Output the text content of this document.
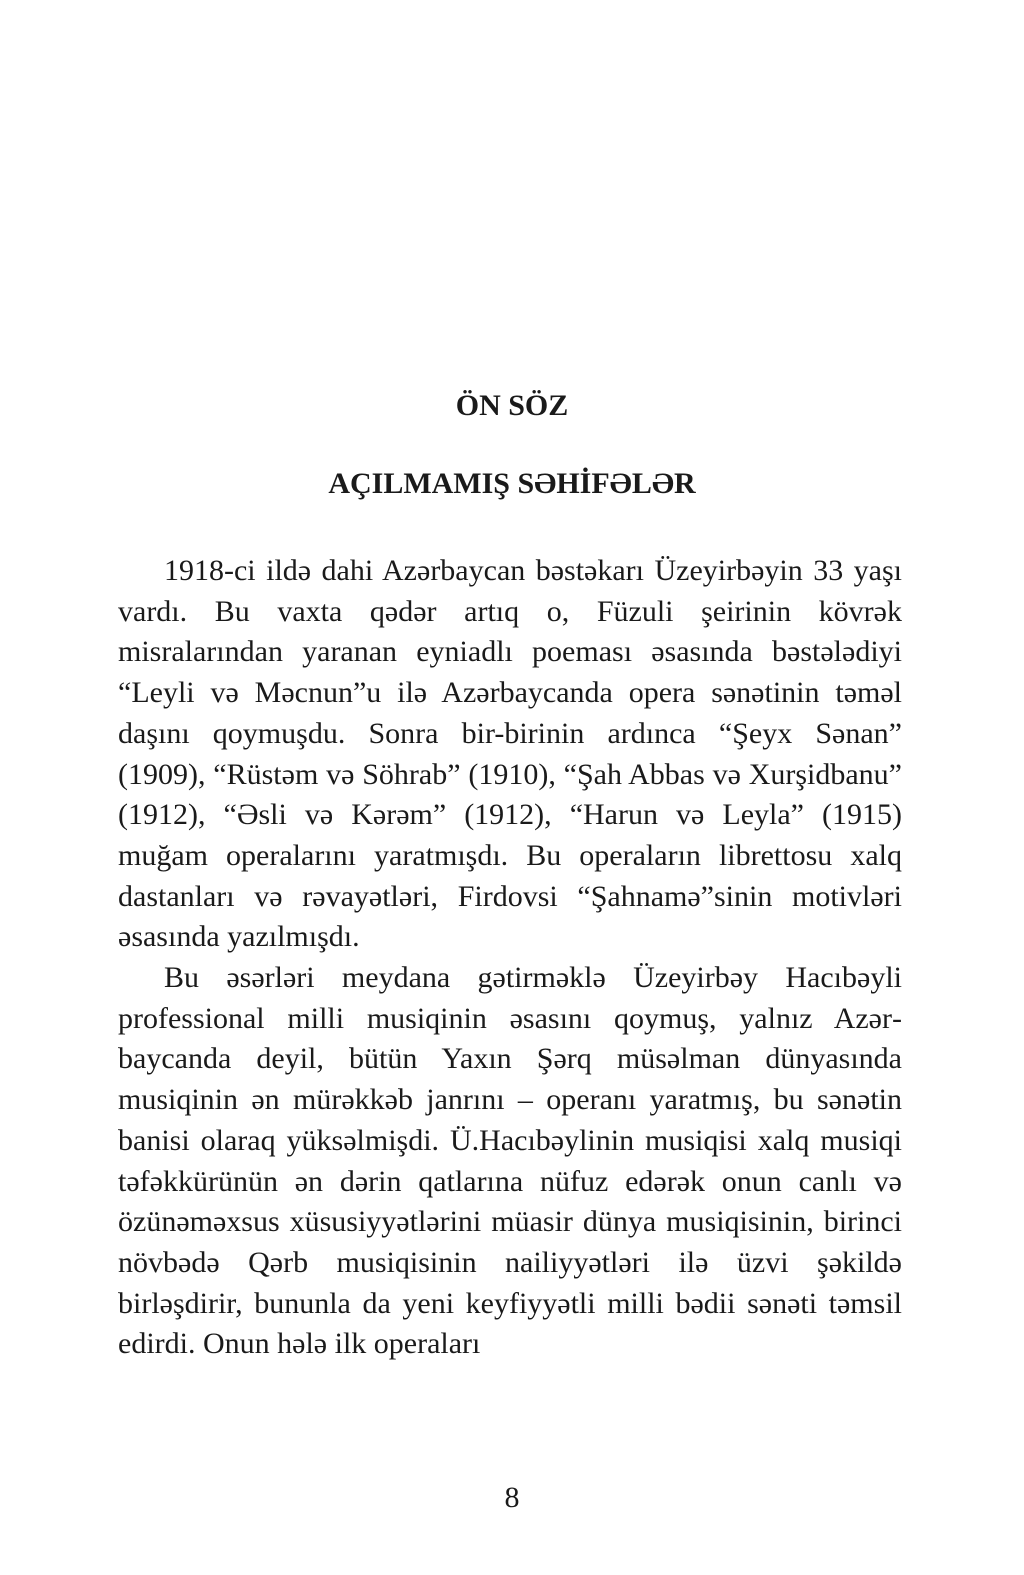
ÖN SÖZ
AÇILMAMIŞ SƏHİFƏLƏR

1918-ci ildə dahi Azərbaycan bəstəkarı Üzeyirbəyin 33 yaşı vardı. Bu vaxta qədər artıq o, Füzuli şeirinin kövrək misralarından yaranan eyniadlı poeması əsasında bəstələdiyi “Leyli və Məcnun”u ilə Azərbaycanda opera sənətinin təməl daşını qoymuşdu. Sonra bir-birinin ardınca “Şeyx Sənan” (1909), “Rüstəm və Söhrab” (1910), “Şah Abbas və Xurşidbanu” (1912), “Əsli və Kərəm” (1912), “Harun və Leyla” (1915) muğam operalarını yaratmışdı. Bu operaların librettosu xalq dastanları və rəvayətləri, Firdovsi “Şahnamə”sinin motivləri əsasında yazılmışdı.

Bu əsərləri meydana gətirməklə Üzeyirbəy Hacıbəyli professional milli musiqinin əsasını qoymuş, yalnız Azərbaycanda deyil, bütün Yaxın Şərq müsəlman dünyasında musiqinin ən mürəkkəb janrını – operanı yaratmış, bu sənətin banisi olaraq yüksəlmişdi. Ü.Hacıbəylinin musiqisi xalq musiqi təfəkkürünün ən dərin qatlarına nüfuz edərək onun canlı və özünəməxsus xüsusiyyətlərini müasir dünya musiqisinin, birinci növbədə Qərb musiqisinin nailiyyətləri ilə üzvi şəkildə birləşdirir, bununla da yeni keyfiyyətli milli bədii sənəti təmsil edirdi. Onun hələ ilk operaları

8
